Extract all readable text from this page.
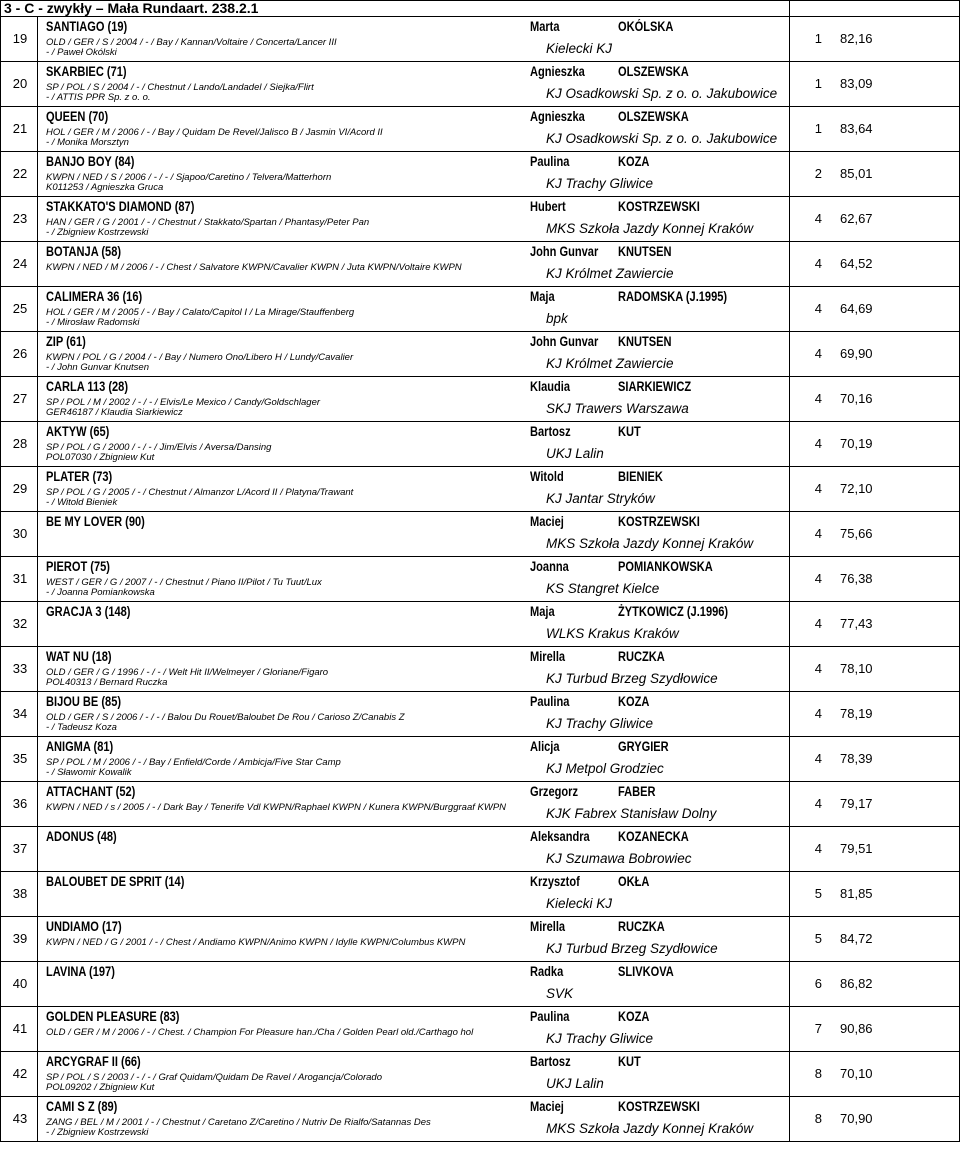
3 - C - zwykły – Mała Rundaart. 238.2.1
19
SANTIAGO (19)
OLD / GER / S / 2004 / - / Bay / Kannan/Voltaire / Concerta/Lancer III
- / Paweł Okólski
Marta	OKÓLSKA
Kielecki KJ
1 82,16
20
SKARBIEC (71)
SP / POL / S / 2004 / - / Chestnut / Lando/Landadel / Siejka/Flirt
- / ATTIS PPR Sp. z o. o.
Agnieszka OLSZEWSKA
KJ Osadkowski Sp. z o. o. Jakubowice
1 83,09
21
QUEEN (70)
HOL / GER / M / 2006 / - / Bay / Quidam De Revel/Jalisco B / Jasmin VI/Acord II
- / Monika Morsztyn
Agnieszka OLSZEWSKA
KJ Osadkowski Sp. z o. o. Jakubowice
1 83,64
22
BANJO BOY (84)
KWPN / NED / S / 2006 / - / - / Sjapoo/Caretino / Telvera/Matterhorn
K011253 / Agnieszka Gruca
Paulina	KOZA
KJ Trachy Gliwice
2 85,01
23
STAKKATO'S DIAMOND (87)
HAN / GER / G / 2001 / - / Chestnut / Stakkato/Spartan / Phantasy/Peter Pan
- / Zbigniew Kostrzewski
Hubert	KOSTRZEWSKI
MKS Szkoła Jazdy Konnej Kraków
4 62,67
24
BOTANJA (58)
KWPN / NED / M / 2006 / - / Chest / Salvatore KWPN/Cavalier KWPN / Juta KWPN/Voltaire KWPN
John Gunvar KNUTSEN
KJ Królmet Zawiercie
4 64,52
25
CALIMERA 36 (16)
HOL / GER / M / 2005 / - / Bay / Calato/Capitol I / La Mirage/Stauffenberg
- / Mirosław Radomski
Maja	RADOMSKA (J.1995)
bpk
4 64,69
26
ZIP (61)
KWPN / POL / G / 2004 / - / Bay / Numero Ono/Libero H / Lundy/Cavalier
- / John Gunvar Knutsen
John Gunvar KNUTSEN
KJ Królmet Zawiercie
4 69,90
27
CARLA 113 (28)
SP / POL / M / 2002 / - / - / Elvis/Le Mexico / Candy/Goldschlager
GER46187 / Klaudia Siarkiewicz
Klaudia	SIARKIEWICZ
SKJ Trawers Warszawa
4 70,16
28
AKTYW (65)
SP / POL / G / 2000 / - / - / Jim/Elvis / Aversa/Dansing
POL07030 / Zbigniew Kut
Bartosz	KUT
UKJ Lalin
4 70,19
29
PLATER (73)
SP / POL / G / 2005 / - / Chestnut / Almanzor L/Acord II / Platyna/Trawant
- / Witold Bieniek
Witold	BIENIEK
KJ Jantar Stryków
4 72,10
30
BE MY LOVER (90)	Maciej	KOSTRZEWSKI
MKS Szkoła Jazdy Konnej Kraków
4 75,66
31
PIEROT (75)
WEST / GER / G / 2007 / - / Chestnut / Piano II/Pilot / Tu Tuut/Lux
- / Joanna Pomiankowska
Joanna	POMIANKOWSKA
KS Stangret Kielce
4 76,38
32
GRACJA 3 (148)	Maja	ŻYTKOWICZ (J.1996)
WLKS Krakus Kraków
4 77,43
33
WAT NU (18)
OLD / GER / G / 1996 / - / - / Welt Hit II/Welmeyer / Gloriane/Figaro
POL40313 / Bernard Ruczka
Mirella	RUCZKA
KJ Turbud Brzeg Szydłowice
4 78,10
34
BIJOU BE (85)
OLD / GER / S / 2006 / - / - / Balou Du Rouet/Baloubet De Rou / Carioso Z/Canabis Z
- / Tadeusz Koza
Paulina	KOZA
KJ Trachy Gliwice
4 78,19
35
ANIGMA (81)
SP / POL / M / 2006 / - / Bay / Enfield/Corde / Ambicja/Five Star Camp
- / Sławomir Kowalik
Alicja	GRYGIER
KJ Metpol Grodziec
4 78,39
36
ATTACHANT (52)
KWPN / NED / s / 2005 / - / Dark Bay / Tenerife Vdl KWPN/Raphael KWPN / Kunera KWPN/Burggraaf KWPN
Grzegorz	FABER
KJK Fabrex Stanisław Dolny
4 79,17
37
ADONUS (48)	Aleksandra KOZANECKA
KJ Szumawa Bobrowiec
4 79,51
38
BALOUBET DE SPRIT (14)	Krzysztof	OKŁA
Kielecki KJ
5 81,85
39
UNDIAMO (17)
KWPN / NED / G / 2001 / - / Chest / Andiamo KWPN/Animo KWPN / Idylle KWPN/Columbus KWPN
Mirella	RUCZKA
KJ Turbud Brzeg Szydłowice
5 84,72
40
LAVINA (197)	Radka	SLIVKOVA
SVK
6 86,82
41
GOLDEN PLEASURE (83)
OLD / GER / M / 2006 / - / Chest. / Champion For Pleasure han./Cha / Golden Pearl old./Carthago hol
Paulina	KOZA
KJ Trachy Gliwice
7 90,86
42
ARCYGRAF II (66)
SP / POL / S / 2003 / - / - / Graf Quidam/Quidam De Ravel / Arogancja/Colorado
POL09202 / Zbigniew Kut
Bartosz	KUT
UKJ Lalin
8 70,10
43
CAMI S Z (89)
ZANG / BEL / M / 2001 / - / Chestnut / Caretano Z/Caretino / Nutriv De Rialfo/Satannas Des
- / Zbigniew Kostrzewski
Maciej	KOSTRZEWSKI
MKS Szkoła Jazdy Konnej Kraków
8 70,90
